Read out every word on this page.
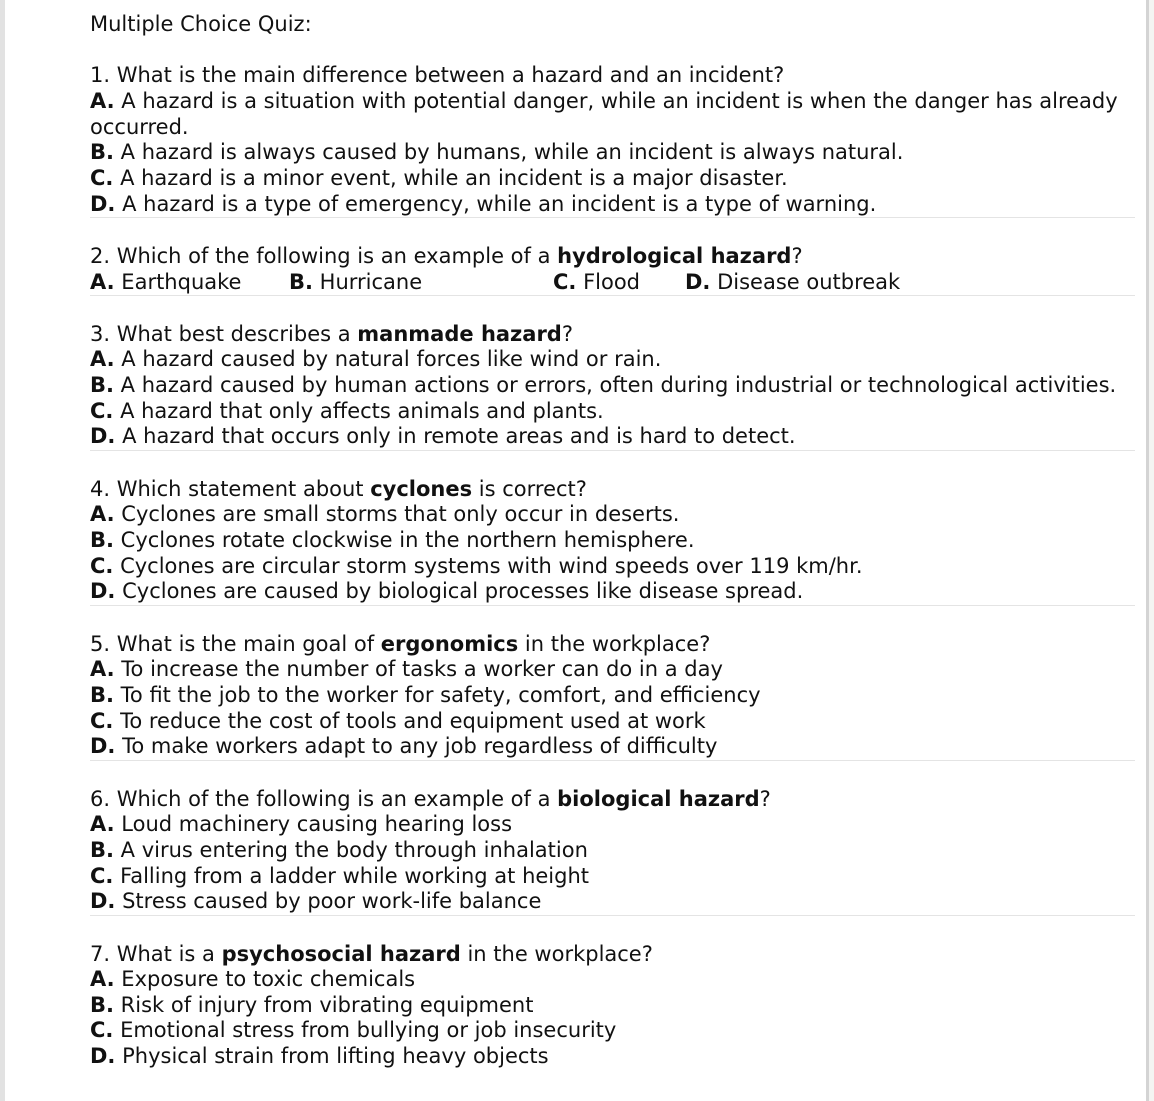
Multiple Choice Quiz:
1. What is the main difference between a hazard and an incident?
A. A hazard is a situation with potential danger, while an incident is when the danger has already occurred.
B. A hazard is always caused by humans, while an incident is always natural.
C. A hazard is a minor event, while an incident is a major disaster.
D. A hazard is a type of emergency, while an incident is a type of warning.
2. Which of the following is an example of a hydrological hazard?
A. Earthquake B. Hurricane	C. Flood D. Disease outbreak
3. What best describes a manmade hazard?
A. A hazard caused by natural forces like wind or rain.
B. A hazard caused by human actions or errors, often during industrial or technological activities.
C. A hazard that only affects animals and plants.
D. A hazard that occurs only in remote areas and is hard to detect.
4. Which statement about cyclones is correct?
A. Cyclones are small storms that only occur in deserts.
B. Cyclones rotate clockwise in the northern hemisphere.
C. Cyclones are circular storm systems with wind speeds over 119 km/hr.
D. Cyclones are caused by biological processes like disease spread.
5. What is the main goal of ergonomics in the workplace?
A. To increase the number of tasks a worker can do in a day
B. To fit the job to the worker for safety, comfort, and efficiency
C. To reduce the cost of tools and equipment used at work
D. To make workers adapt to any job regardless of difficulty
6. Which of the following is an example of a biological hazard?
A. Loud machinery causing hearing loss
B. A virus entering the body through inhalation
C. Falling from a ladder while working at height
D. Stress caused by poor work-life balance
7. What is a psychosocial hazard in the workplace?
A. Exposure to toxic chemicals
B. Risk of injury from vibrating equipment
C. Emotional stress from bullying or job insecurity
D. Physical strain from lifting heavy objects
